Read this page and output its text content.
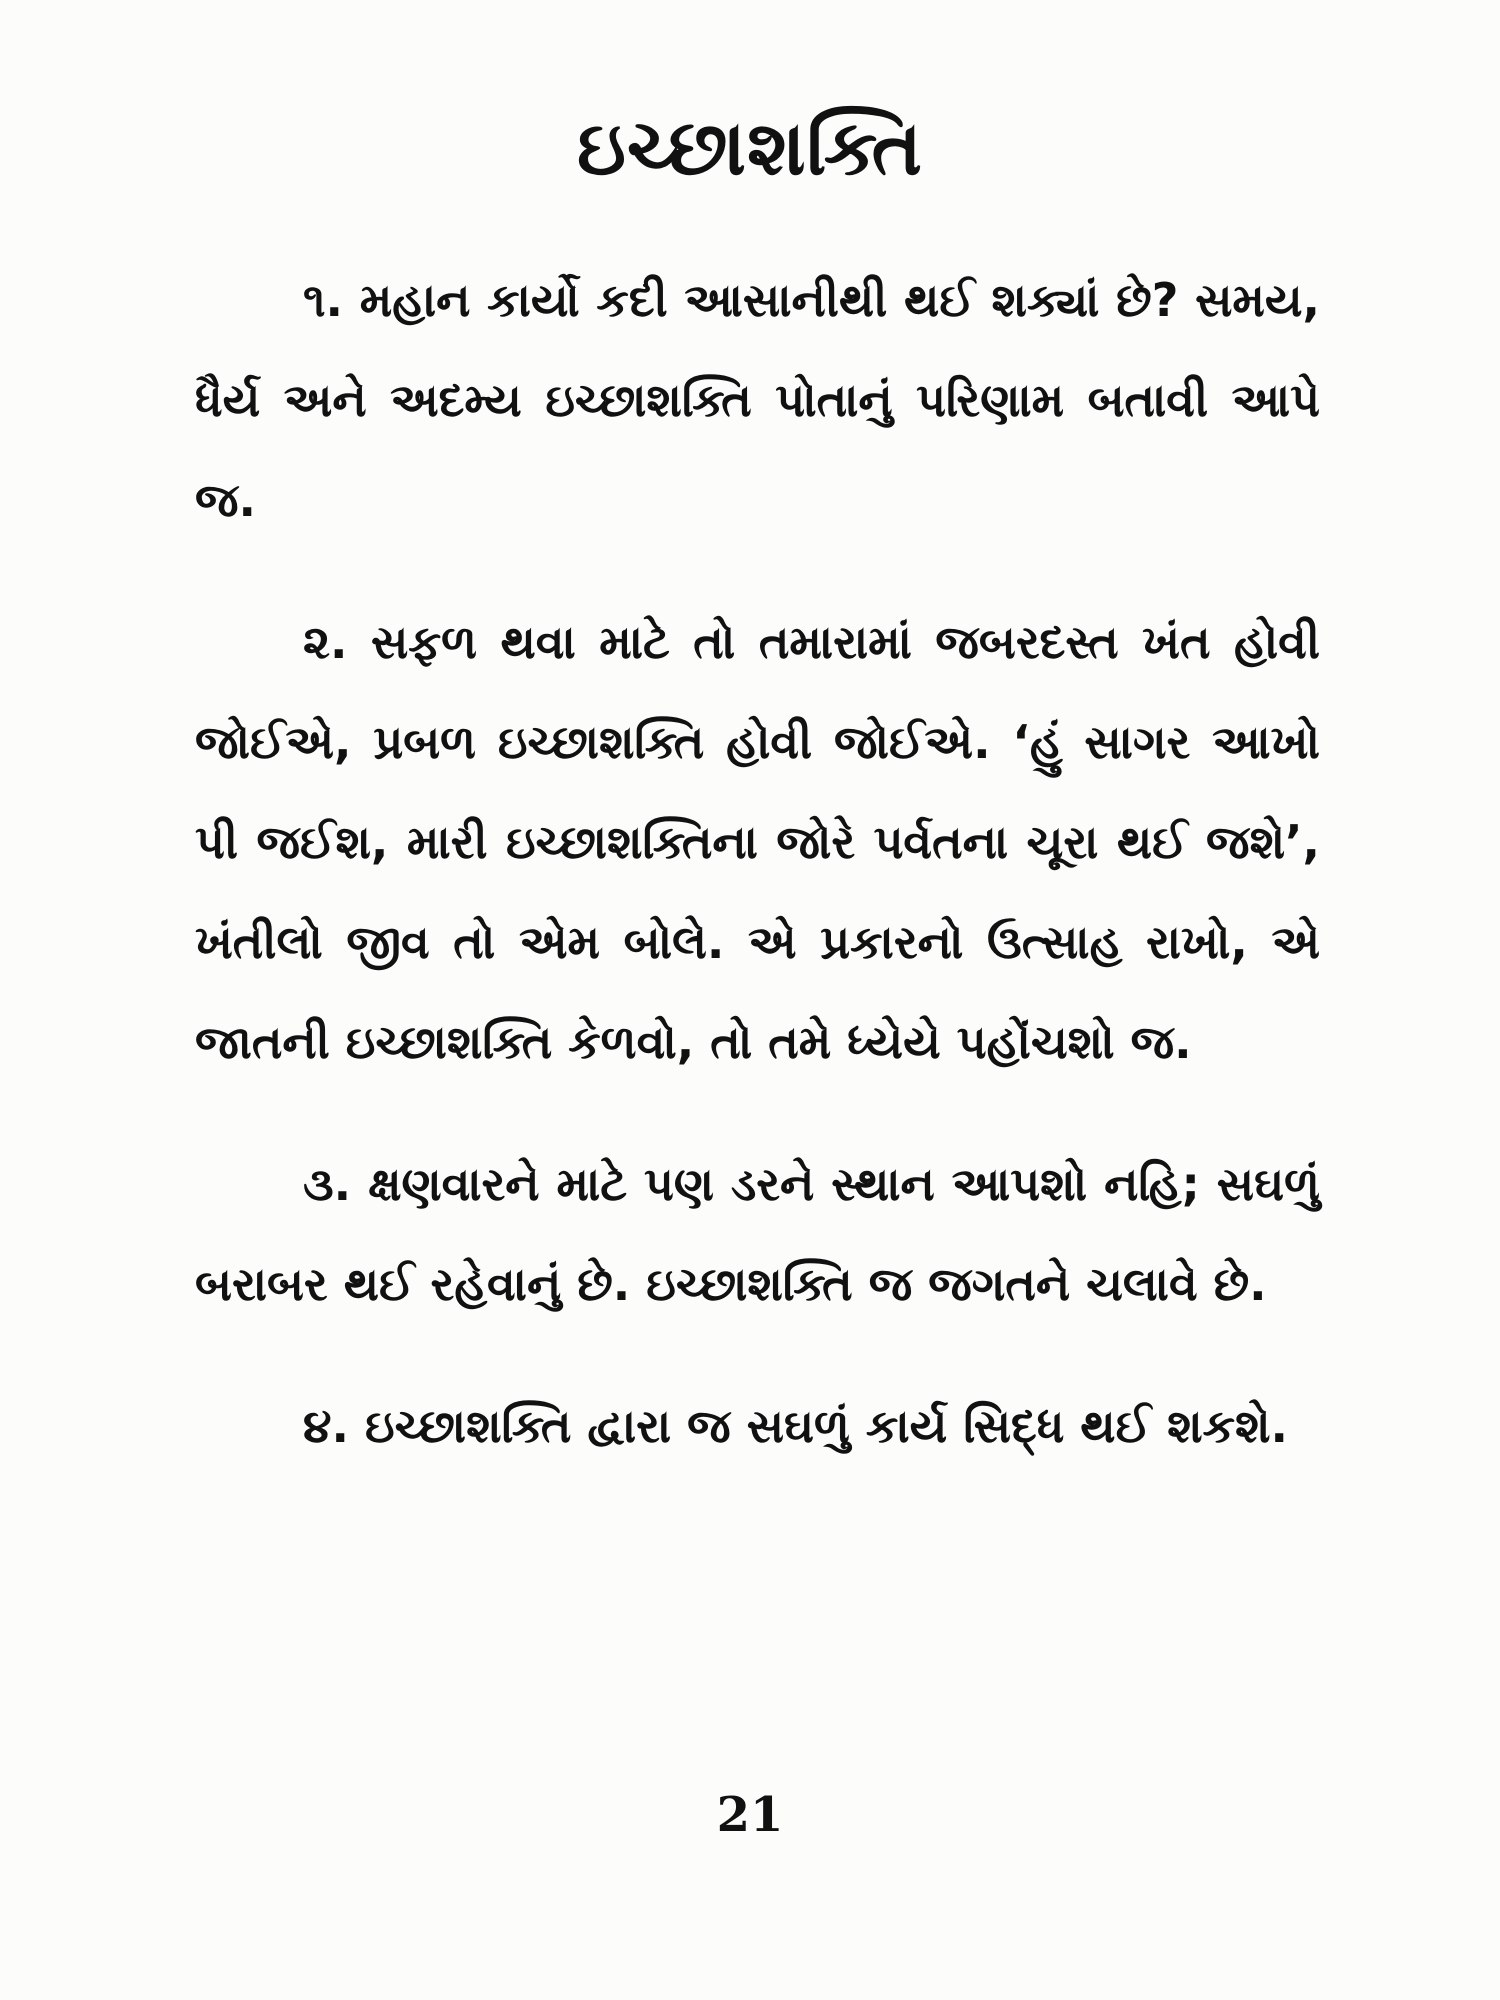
ઇચ્છાશક્તિ

૧. મહાન કાર્યો કદી આસાનીથી થઈ શક્યાં છે? સમય, ધૈર્ય અને અદમ્ય ઇચ્છાશક્તિ પોતાનું પરિણામ બતાવી આપે જ.

૨. સફળ થવા માટે તો તમારામાં જબરદસ્ત ખંત હોવી જોઈએ, પ્રબળ ઇચ્છાશક્તિ હોવી જોઈએ. ‘હું સાગર આખો પી જઈશ, મારી ઇચ્છાશક્તિના જોરે પર્વતના ચૂરા થઈ જશે’, ખંતીલો જીવ તો એમ બોલે. એ પ્રકારનો ઉત્સાહ રાખો, એ જાતની ઇચ્છાશક્તિ કેળવો, તો તમે ધ્યેયે પહોંચશો જ.

૩. ક્ષણવારને માટે પણ ડરને સ્થાન આપશો નહિ; સઘળું બરાબર થઈ રહેવાનું છે. ઇચ્છાશક્તિ જ જગતને ચલાવે છે.

૪. ઇચ્છાશક્તિ દ્વારા જ સઘળું કાર્ય સિદ્ધ થઈ શકશે.

21
